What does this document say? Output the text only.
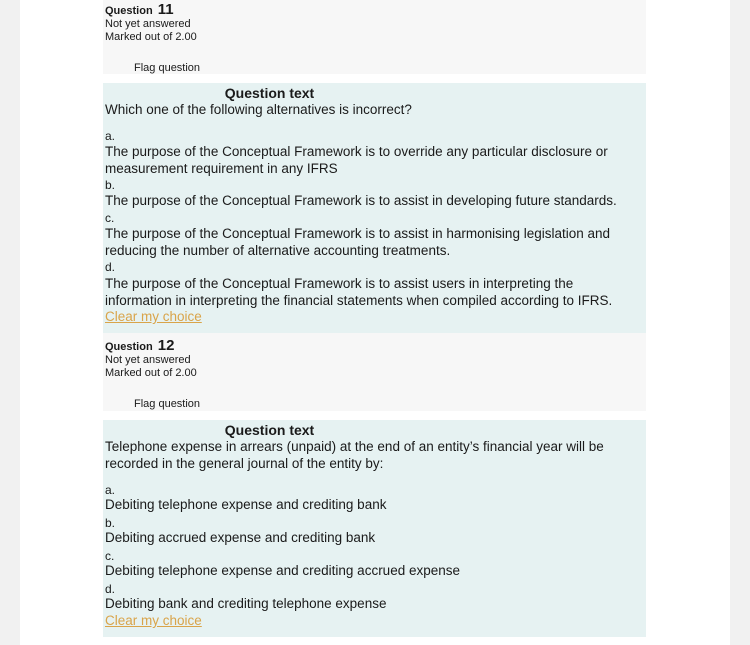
Question 11
Not yet answered
Marked out of 2.00
Flag question
Question text
Which one of the following alternatives is incorrect?
a.
The purpose of the Conceptual Framework is to override any particular disclosure or measurement requirement in any IFRS
b.
The purpose of the Conceptual Framework is to assist in developing future standards.
c.
The purpose of the Conceptual Framework is to assist in harmonising legislation and reducing the number of alternative accounting treatments.
d.
The purpose of the Conceptual Framework is to assist users in interpreting the information in interpreting the financial statements when compiled according to IFRS.
Clear my choice
Question 12
Not yet answered
Marked out of 2.00
Flag question
Question text
Telephone expense in arrears (unpaid) at the end of an entity’s financial year will be recorded in the general journal of the entity by:
a.
Debiting telephone expense and crediting bank
b.
Debiting accrued expense and crediting bank
c.
Debiting telephone expense and crediting accrued expense
d.
Debiting bank and crediting telephone expense
Clear my choice
